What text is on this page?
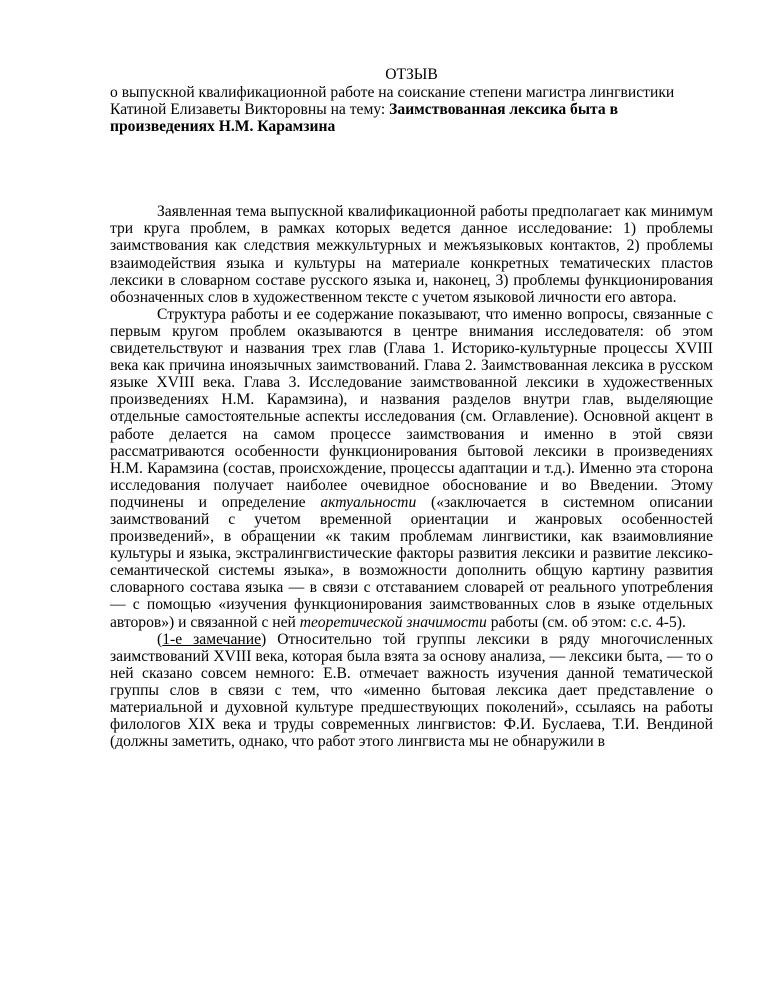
ОТЗЫВ

о выпускной квалификационной работе на соискание степени магистра лингвистики Катиной Елизаветы Викторовны на тему: Заимствованная лексика быта в произведениях Н.М. Карамзина

Заявленная тема выпускной квалификационной работы предполагает как минимум три круга проблем, в рамках которых ведется данное исследование: 1) проблемы заимствования как следствия межкультурных и межъязыковых контактов, 2) проблемы взаимодействия языка и культуры на материале конкретных тематических пластов лексики в словарном составе русского языка и, наконец, 3) проблемы функционирования обозначенных слов в художественном тексте с учетом языковой личности его автора.

Структура работы и ее содержание показывают, что именно вопросы, связанные с первым кругом проблем оказываются в центре внимания исследователя: об этом свидетельствуют и названия трех глав (Глава 1. Историко-культурные процессы XVIII века как причина иноязычных заимствований. Глава 2. Заимствованная лексика в русском языке XVIII века. Глава 3. Исследование заимствованной лексики в художественных произведениях Н.М. Карамзина), и названия разделов внутри глав, выделяющие отдельные самостоятельные аспекты исследования (см. Оглавление). Основной акцент в работе делается на самом процессе заимствования и именно в этой связи рассматриваются особенности функционирования бытовой лексики в произведениях Н.М. Карамзина (состав, происхождение, процессы адаптации и т.д.). Именно эта сторона исследования получает наиболее очевидное обоснование и во Введении. Этому подчинены и определение актуальности («заключается в системном описании заимствований с учетом временной ориентации и жанровых особенностей произведений», в обращении «к таким проблемам лингвистики, как взаимовлияние культуры и языка, экстралингвистические факторы развития лексики и развитие лексико-семантической системы языка», в возможности дополнить общую картину развития словарного состава языка — в связи с отставанием словарей от реального употребления — с помощью «изучения функционирования заимствованных слов в языке отдельных авторов») и связанной с ней теоретической значимости работы (см. об этом: с.с. 4-5).

(1-е замечание) Относительно той группы лексики в ряду многочисленных заимствований XVIII века, которая была взята за основу анализа, — лексики быта, — то о ней сказано совсем немного: Е.В. отмечает важность изучения данной тематической группы слов в связи с тем, что «именно бытовая лексика дает представление о материальной и духовной культуре предшествующих поколений», ссылаясь на работы филологов XIX века и труды современных лингвистов: Ф.И. Буслаева, Т.И. Вендиной (должны заметить, однако, что работ этого лингвиста мы не обнаружили в
